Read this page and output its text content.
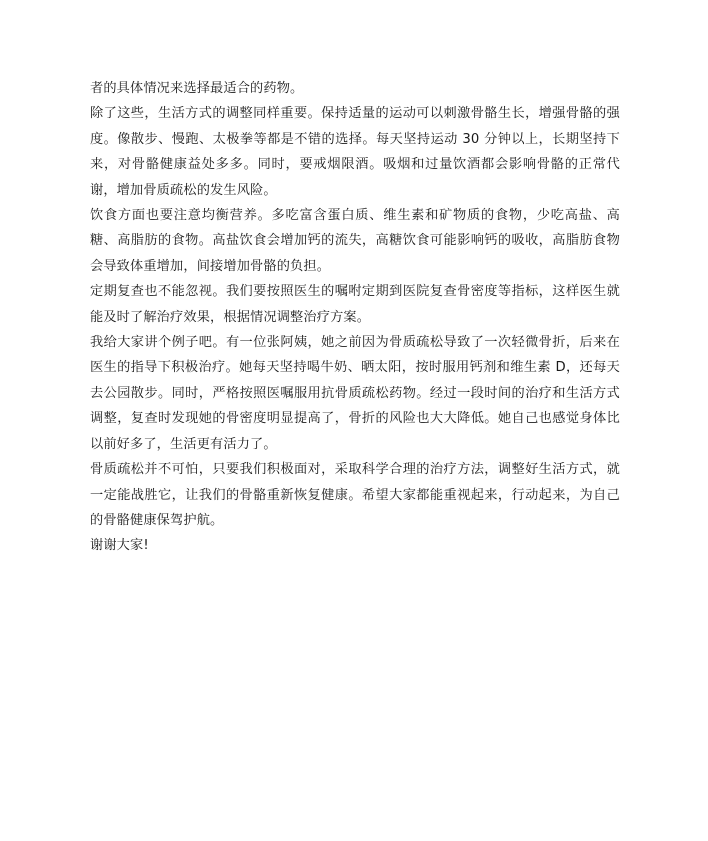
者的具体情况来选择最适合的药物。

除了这些，生活方式的调整同样重要。保持适量的运动可以刺激骨骼生长，增强骨骼的强度。像散步、慢跑、太极拳等都是不错的选择。每天坚持运动 30 分钟以上，长期坚持下来，对骨骼健康益处多多。同时，要戒烟限酒。吸烟和过量饮酒都会影响骨骼的正常代谢，增加骨质疏松的发生风险。

饮食方面也要注意均衡营养。多吃富含蛋白质、维生素和矿物质的食物，少吃高盐、高糖、高脂肪的食物。高盐饮食会增加钙的流失，高糖饮食可能影响钙的吸收，高脂肪食物会导致体重增加，间接增加骨骼的负担。

定期复查也不能忽视。我们要按照医生的嘱咐定期到医院复查骨密度等指标，这样医生就能及时了解治疗效果，根据情况调整治疗方案。

我给大家讲个例子吧。有一位张阿姨，她之前因为骨质疏松导致了一次轻微骨折，后来在医生的指导下积极治疗。她每天坚持喝牛奶、晒太阳，按时服用钙剂和维生素 D，还每天去公园散步。同时，严格按照医嘱服用抗骨质疏松药物。经过一段时间的治疗和生活方式调整，复查时发现她的骨密度明显提高了，骨折的风险也大大降低。她自己也感觉身体比以前好多了，生活更有活力了。

骨质疏松并不可怕，只要我们积极面对，采取科学合理的治疗方法，调整好生活方式，就一定能战胜它，让我们的骨骼重新恢复健康。希望大家都能重视起来，行动起来，为自己的骨骼健康保驾护航。

谢谢大家!
